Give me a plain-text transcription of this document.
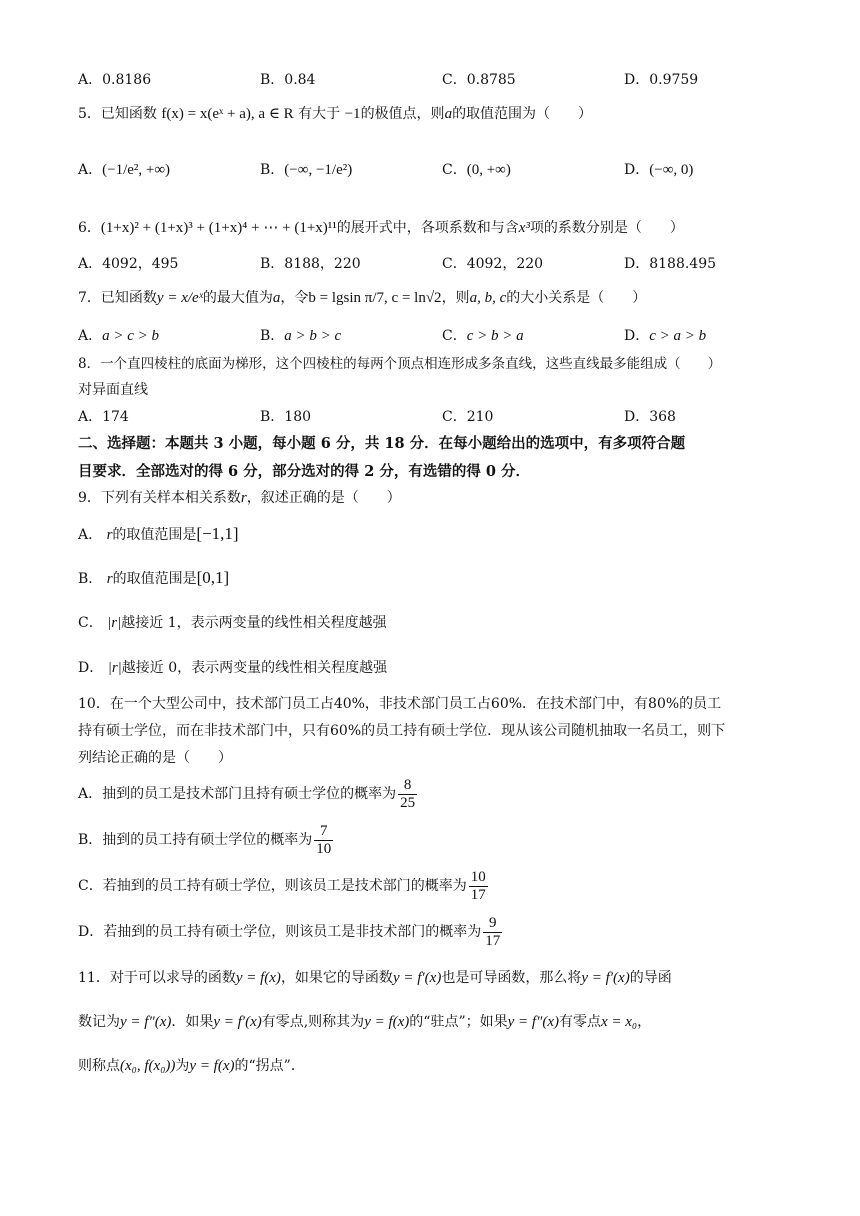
A．0.8186	B．0.84	C．0.8785	D．0.9759
5．已知函数 f(x) = x(eˣ + a), a ∈ R 有大于 −1的极值点，则a的取值范围为（　　）
A．(−1/e², +∞)	B．(−∞, −1/e²)	C．(0, +∞)	D．(−∞, 0)
6．(1+x)² + (1+x)³ + (1+x)⁴ + ⋯ + (1+x)¹¹的展开式中，各项系数和与含x³项的系数分别是（　　）
A．4092，495	B．8188，220	C．4092，220	D．8188.495
7．已知函数y = x/eˣ的最大值为a，令b = lgsin π/7, c = ln√2，则a, b, c的大小关系是（　　）
A．a > c > b	B．a > b > c	C．c > b > a	D．c > a > b
8．一个直四棱柱的底面为梯形，这个四棱柱的每两个顶点相连形成多条直线，这些直线最多能组成（　　）
对异面直线
A．174	B．180	C．210	D．368
二、选择题：本题共 3 小题，每小题 6 分，共 18 分．在每小题给出的选项中，有多项符合题
目要求．全部选对的得 6 分，部分选对的得 2 分，有选错的得 0 分．
9．下列有关样本相关系数r，叙述正确的是（　　）
A． r的取值范围是[−1,1]
B． r的取值范围是[0,1]
C． |r|越接近 1，表示两变量的线性相关程度越强
D． |r|越接近 0，表示两变量的线性相关程度越强
10．在一个大型公司中，技术部门员工占40%，非技术部门员工占60%．在技术部门中，有80%的员工
持有硕士学位，而在非技术部门中，只有60%的员工持有硕士学位．现从该公司随机抽取一名员工，则下
列结论正确的是（　　）
A．抽到的员工是技术部门且持有硕士学位的概率为 $\frac{8}{25}$
B．抽到的员工持有硕士学位的概率为 $\frac{7}{10}$
C．若抽到的员工持有硕士学位，则该员工是技术部门的概率为 $\frac{10}{17}$
D．若抽到的员工持有硕士学位，则该员工是非技术部门的概率为 $\frac{9}{17}$
11．对于可以求导的函数y = f(x)，如果它的导函数y = f′(x)也是可导函数，那么将y = f′(x)的导函
数记为y = f″(x)．如果y = f′(x)有零点,则称其为y = f(x)的“驻点”；如果y = f″(x)有零点x = x₀，
则称点(x₀, f(x₀))为y = f(x)的“拐点”．
